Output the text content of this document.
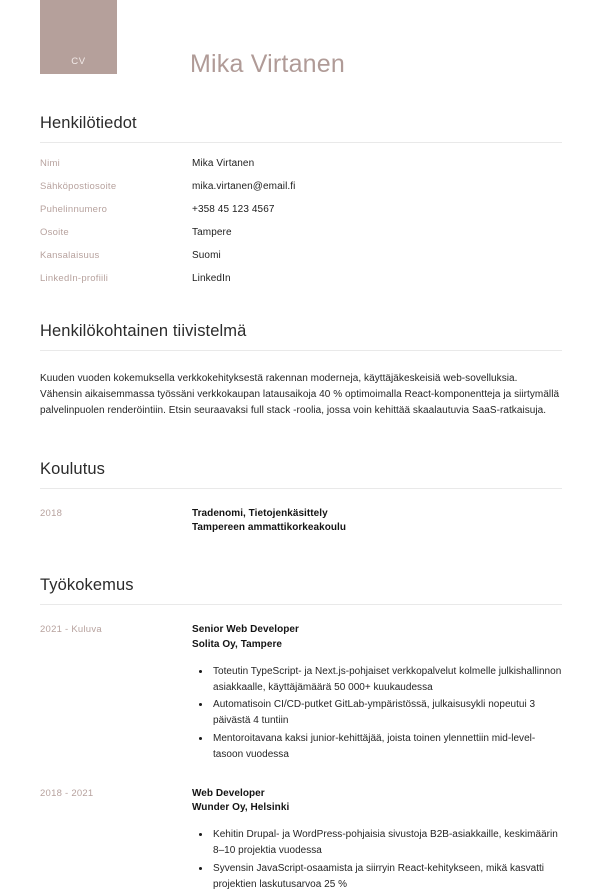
CV	Mika Virtanen
Henkilötiedot
Nimi	Mika Virtanen
Sähköpostiosoite	mika.virtanen@email.fi
Puhelinnumero	+358 45 123 4567
Osoite	Tampere
Kansalaisuus	Suomi
LinkedIn-profiili	LinkedIn
Henkilökohtainen tiivistelmä

Kuuden vuoden kokemuksella verkkokehityksestä rakennan moderneja, käyttäjäkeskeisiä web-sovelluksia. Vähensin aikaisemmassa työssäni verkkokaupan latausaikoja 40 % optimoimalla React-komponentteja ja siirtymällä palvelinpuolen renderöintiin. Etsin seuraavaksi full stack -roolia, jossa voin kehittää skaalautuvia SaaS-ratkaisuja.

Koulutus
2018	Tradenomi, Tietojenkäsittely
Tampereen ammattikorkeakoulu
Työkokemus
2021 - Kuluva	Senior Web Developer
Solita Oy, Tampere
• Toteutin TypeScript- ja Next.js-pohjaiset verkkopalvelut kolmelle julkishallinnon asiakkaalle, käyttäjämäärä 50 000+ kuukaudessa
• Automatisoin CI/CD-putket GitLab-ympäristössä, julkaisusykli nopeutui 3 päivästä 4 tuntiin
• Mentoroitavana kaksi junior-kehittäjää, joista toinen ylennettiin mid-level-tasoon vuodessa
2018 - 2021	Web Developer
Wunder Oy, Helsinki
• Kehitin Drupal- ja WordPress-pohjaisia sivustoja B2B-asiakkaille, keskimäärin 8–10 projektia vuodessa
• Syvensin JavaScript-osaamista ja siirryin React-kehitykseen, mikä kasvatti projektien laskutusarvoa 25 %
